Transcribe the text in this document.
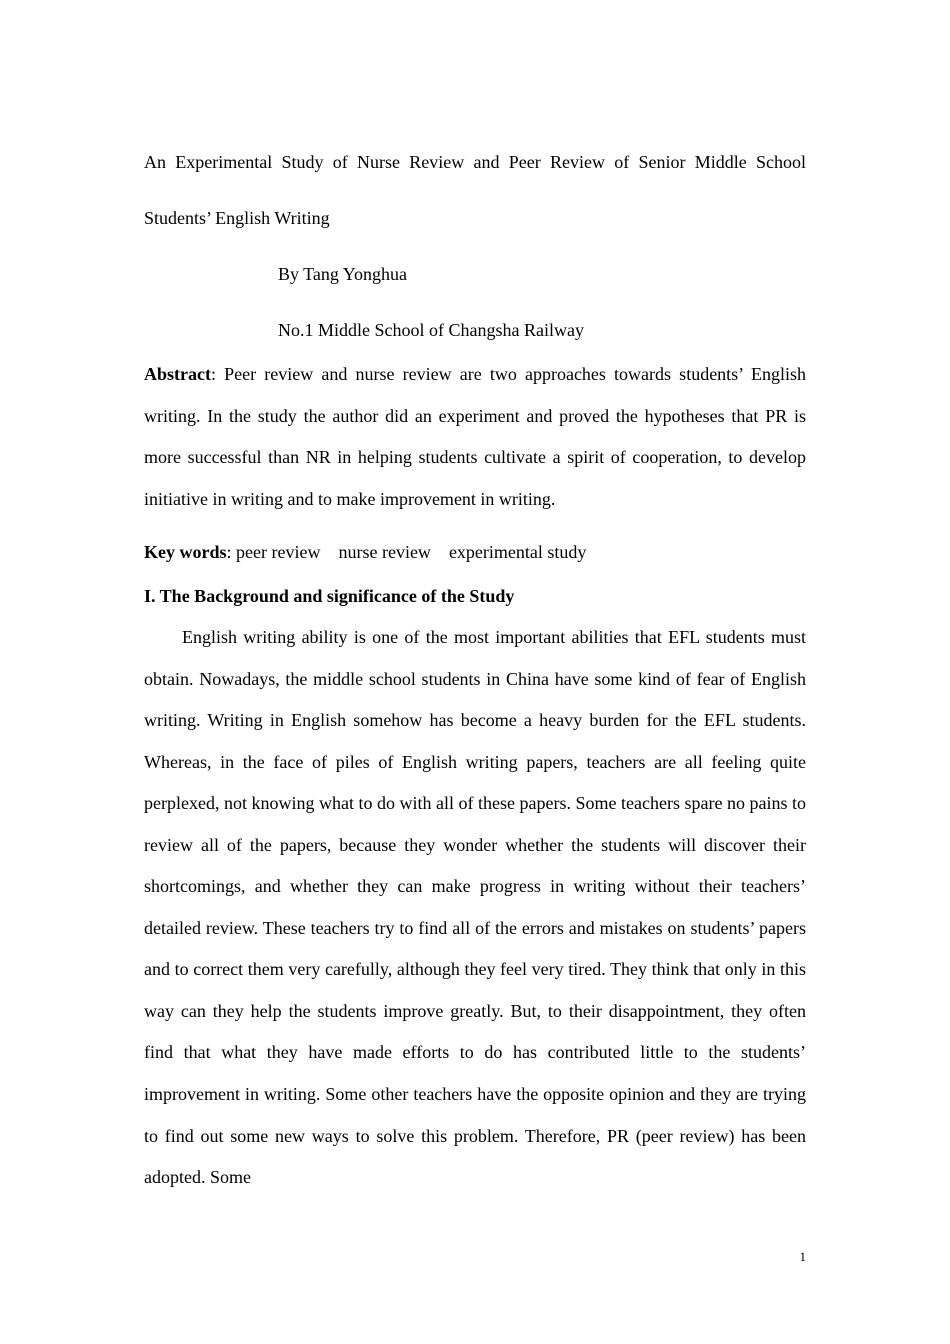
An Experimental Study of Nurse Review and Peer Review of Senior Middle School
Students’ English Writing
By Tang Yonghua
No.1 Middle School of Changsha Railway
Abstract: Peer review and nurse review are two approaches towards students’ English writing. In the study the author did an experiment and proved the hypotheses that PR is more successful than NR in helping students cultivate a spirit of cooperation, to develop initiative in writing and to make improvement in writing.
Key words: peer review nurse review experimental study
I. The Background and significance of the Study
English writing ability is one of the most important abilities that EFL students must obtain. Nowadays, the middle school students in China have some kind of fear of English writing. Writing in English somehow has become a heavy burden for the EFL students. Whereas, in the face of piles of English writing papers, teachers are all feeling quite perplexed, not knowing what to do with all of these papers. Some teachers spare no pains to review all of the papers, because they wonder whether the students will discover their shortcomings, and whether they can make progress in writing without their teachers’ detailed review. These teachers try to find all of the errors and mistakes on students’ papers and to correct them very carefully, although they feel very tired. They think that only in this way can they help the students improve greatly. But, to their disappointment, they often find that what they have made efforts to do has contributed little to the students’ improvement in writing. Some other teachers have the opposite opinion and they are trying to find out some new ways to solve this problem. Therefore, PR (peer review) has been adopted. Some
1
